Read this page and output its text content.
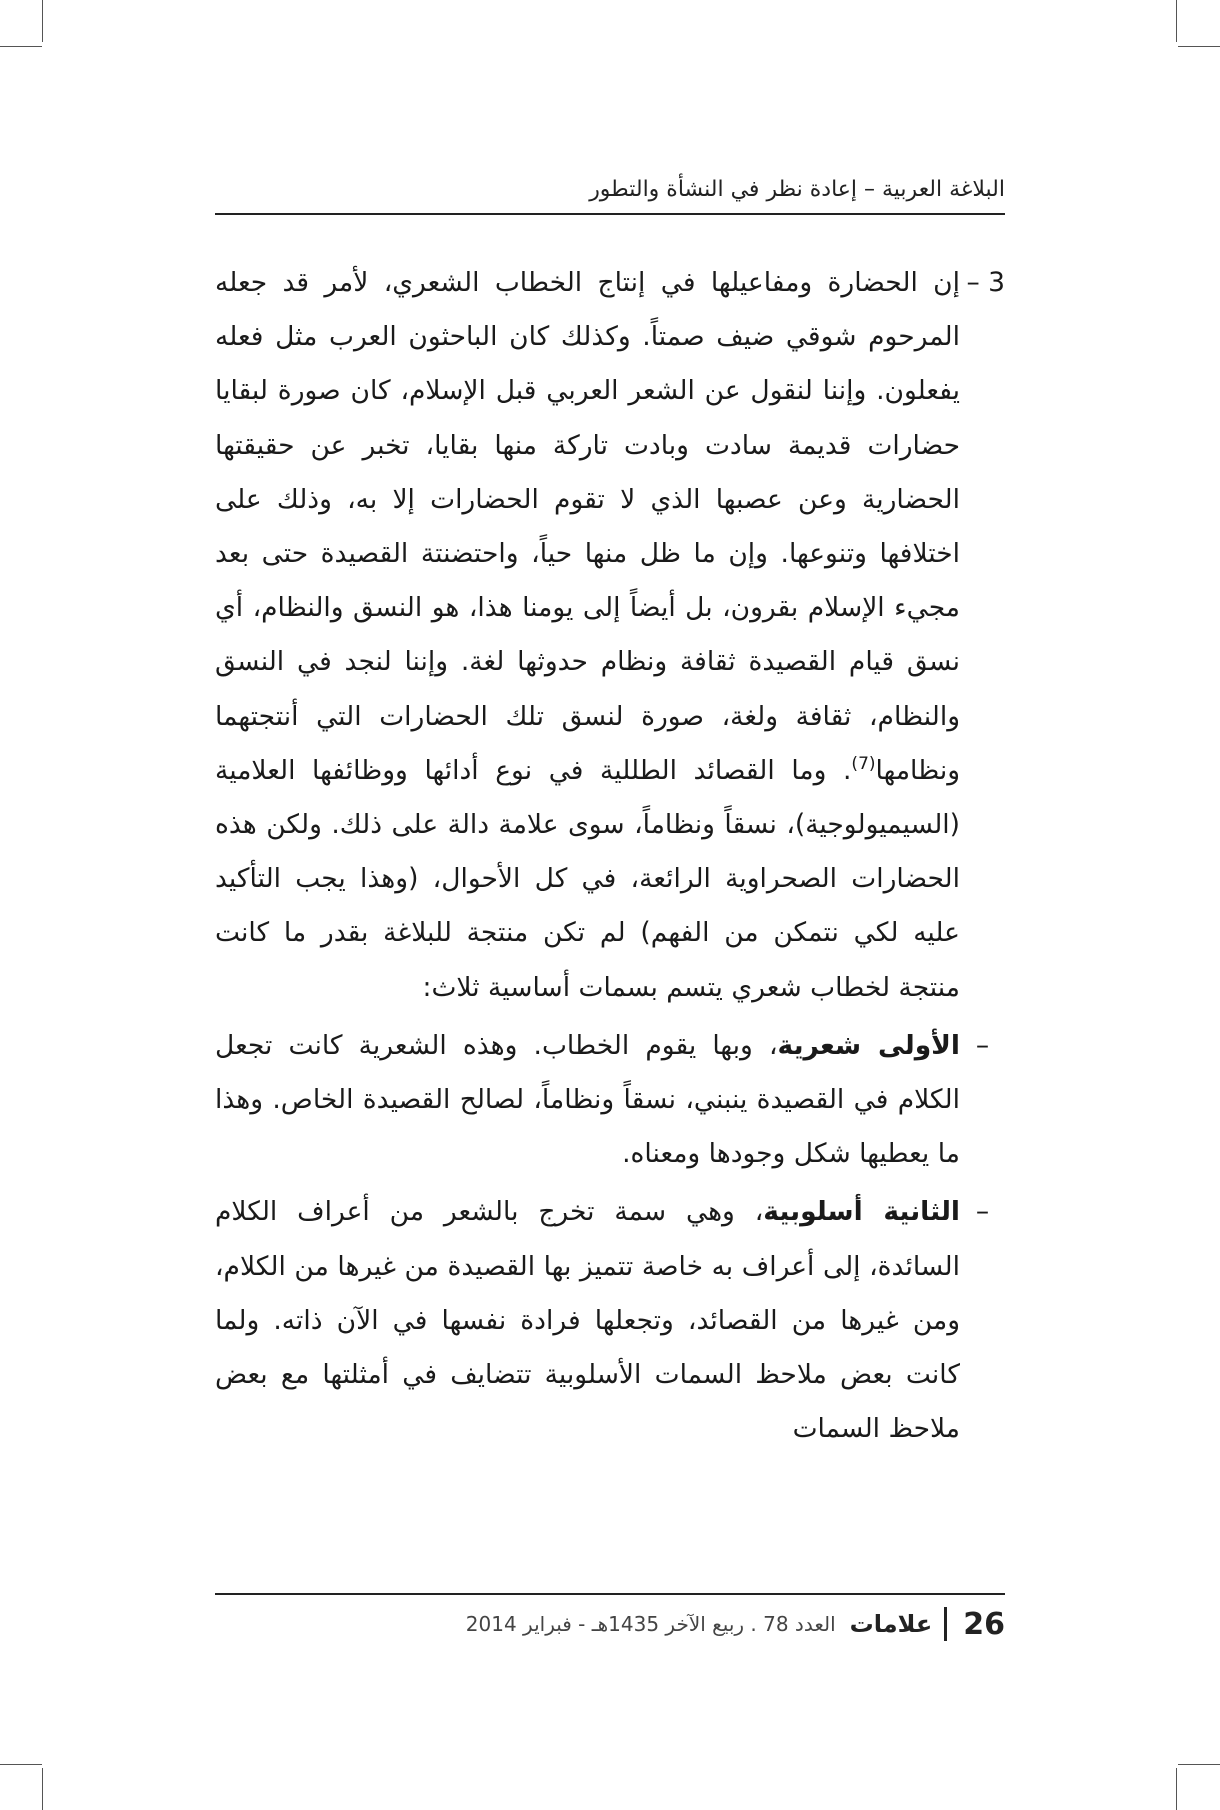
البلاغة العربية – إعادة نظر في النشأة والتطور
3 –
إن الحضارة ومفاعيلها في إنتاج الخطاب الشعري، لأمر قد جعله المرحوم شوقي ضيف صمتاً. وكذلك كان الباحثون العرب مثل فعله يفعلون. وإننا لنقول عن الشعر العربي قبل الإسلام، كان صورة لبقايا حضارات قديمة سادت وبادت تاركة منها بقايا، تخبر عن حقيقتها الحضارية وعن عصبها الذي لا تقوم الحضارات إلا به، وذلك على اختلافها وتنوعها. وإن ما ظل منها حياً، واحتضنتة القصيدة حتى بعد مجيء الإسلام بقرون، بل أيضاً إلى يومنا هذا، هو النسق والنظام، أي نسق قيام القصيدة ثقافة ونظام حدوثها لغة. وإننا لنجد في النسق والنظام، ثقافة ولغة، صورة لنسق تلك الحضارات التي أنتجتهما ونظامها$^{(7)}$. وما القصائد الطللية في نوع أدائها ووظائفها العلامية (السيميولوجية)، نسقاً ونظاماً، سوى علامة دالة على ذلك. ولكن هذه الحضارات الصحراوية الرائعة، في كل الأحوال، (وهذا يجب التأكيد عليه لكي نتمكن من الفهم) لم تكن منتجة للبلاغة بقدر ما كانت منتجة لخطاب شعري يتسم بسمات أساسية ثلاث:
–
الأولى شعرية، وبها يقوم الخطاب. وهذه الشعرية كانت تجعل الكلام في القصيدة ينبني، نسقاً ونظاماً، لصالح القصيدة الخاص. وهذا ما يعطيها شكل وجودها ومعناه.
–
الثانية أسلوبية، وهي سمة تخرج بالشعر من أعراف الكلام السائدة، إلى أعراف به خاصة تتميز بها القصيدة من غيرها من الكلام، ومن غيرها من القصائد، وتجعلها فرادة نفسها في الآن ذاته. ولما كانت بعض ملاحظ السمات الأسلوبية تتضايف في أمثلتها مع بعض ملاحظ السمات
26
علامات
العدد 78 . ربيع الآخر 1435هـ - فبراير 2014
